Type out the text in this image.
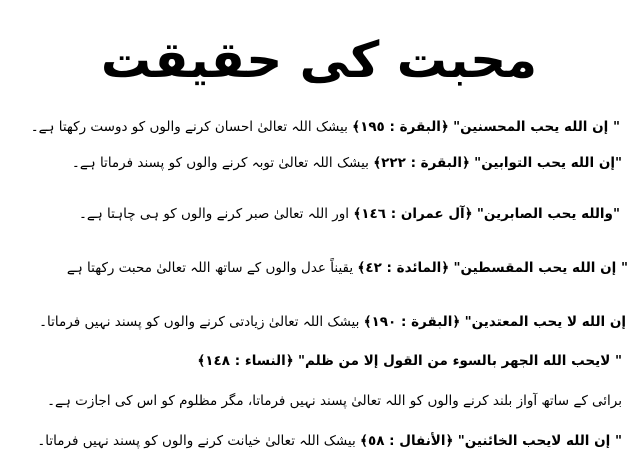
محبت کی حقیقت
" إن الله يحب المحسنين" ﴿البقرة : ١٩٥﴾ بیشک اللہ تعالیٰ احسان کرنے والوں کو دوست رکھتا ہے۔
"إن الله يحب التوابين" ﴿البقرة : ٢٢٢﴾ بیشک اللہ تعالیٰ توبہ کرنے والوں کو پسند فرماتا ہے۔
"والله يحب الصابرين" ﴿آل عمران : ١٤٦﴾ اور اللہ تعالیٰ صبر کرنے والوں کو ہی چاہتا ہے۔
" إن الله يحب المقسطين" ﴿المائدة : ٤٢﴾ یقیناً عدل والوں کے ساتھ اللہ تعالیٰ محبت رکھتا ہے
إن الله لا يحب المعتدين" ﴿البقرة : ١٩٠﴾ بیشک اللہ تعالیٰ زیادتی کرنے والوں کو پسند نہیں فرماتا۔
" لايحب الله الجهر بالسوء من القول إلا من ظلم" ﴿النساء : ١٤٨﴾
برائی کے ساتھ آواز بلند کرنے والوں کو اللہ تعالیٰ پسند نہیں فرماتا، مگر مظلوم کو اس کی اجازت ہے۔
" إن الله لايحب الخائنين" ﴿الأنفال : ٥٨﴾ بیشک اللہ تعالیٰ خیانت کرنے والوں کو پسند نہیں فرماتا۔
